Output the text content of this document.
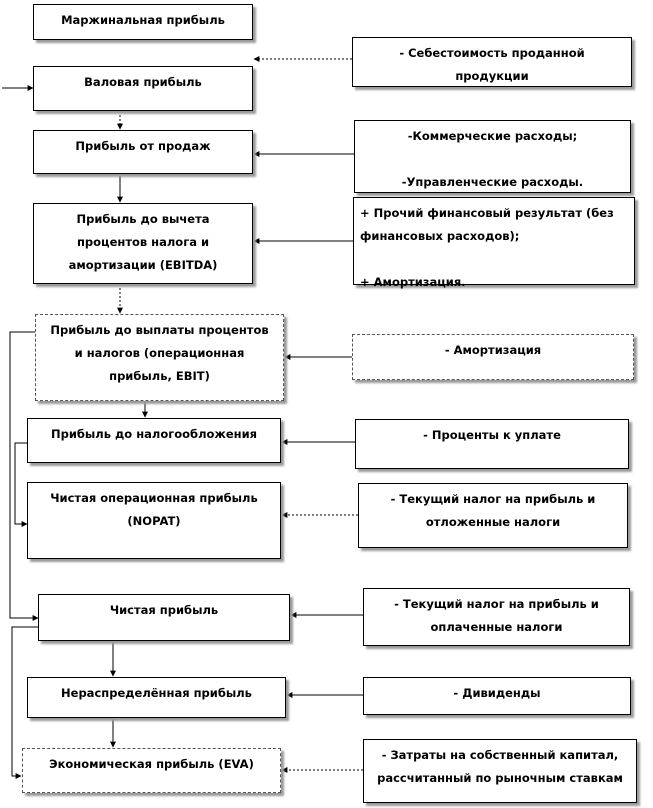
Маржинальная прибыль
Валовая прибыль
Прибыль от продаж
Прибыль до вычета
процентов налога и
амортизации (EBITDA)
Прибыль до выплаты процентов
и налогов (операционная
прибыль, EBIT)
Прибыль до налогообложения
Чистая операционная прибыль
(NOPAT)
Чистая прибыль
Нераспределённая прибыль
Экономическая прибыль (EVA)
- Себестоимость проданной
продукции
-Коммерческие расходы;

-Управленческие расходы.
+ Прочий финансовый результат (без
финансовых расходов);

+ Амортизация.
- Амортизация
- Проценты к уплате
- Текущий налог на прибыль и
отложенные налоги
- Текущий налог на прибыль и
оплаченные налоги
- Дивиденды
- Затраты на собственный капитал,
рассчитанный по рыночным ставкам
